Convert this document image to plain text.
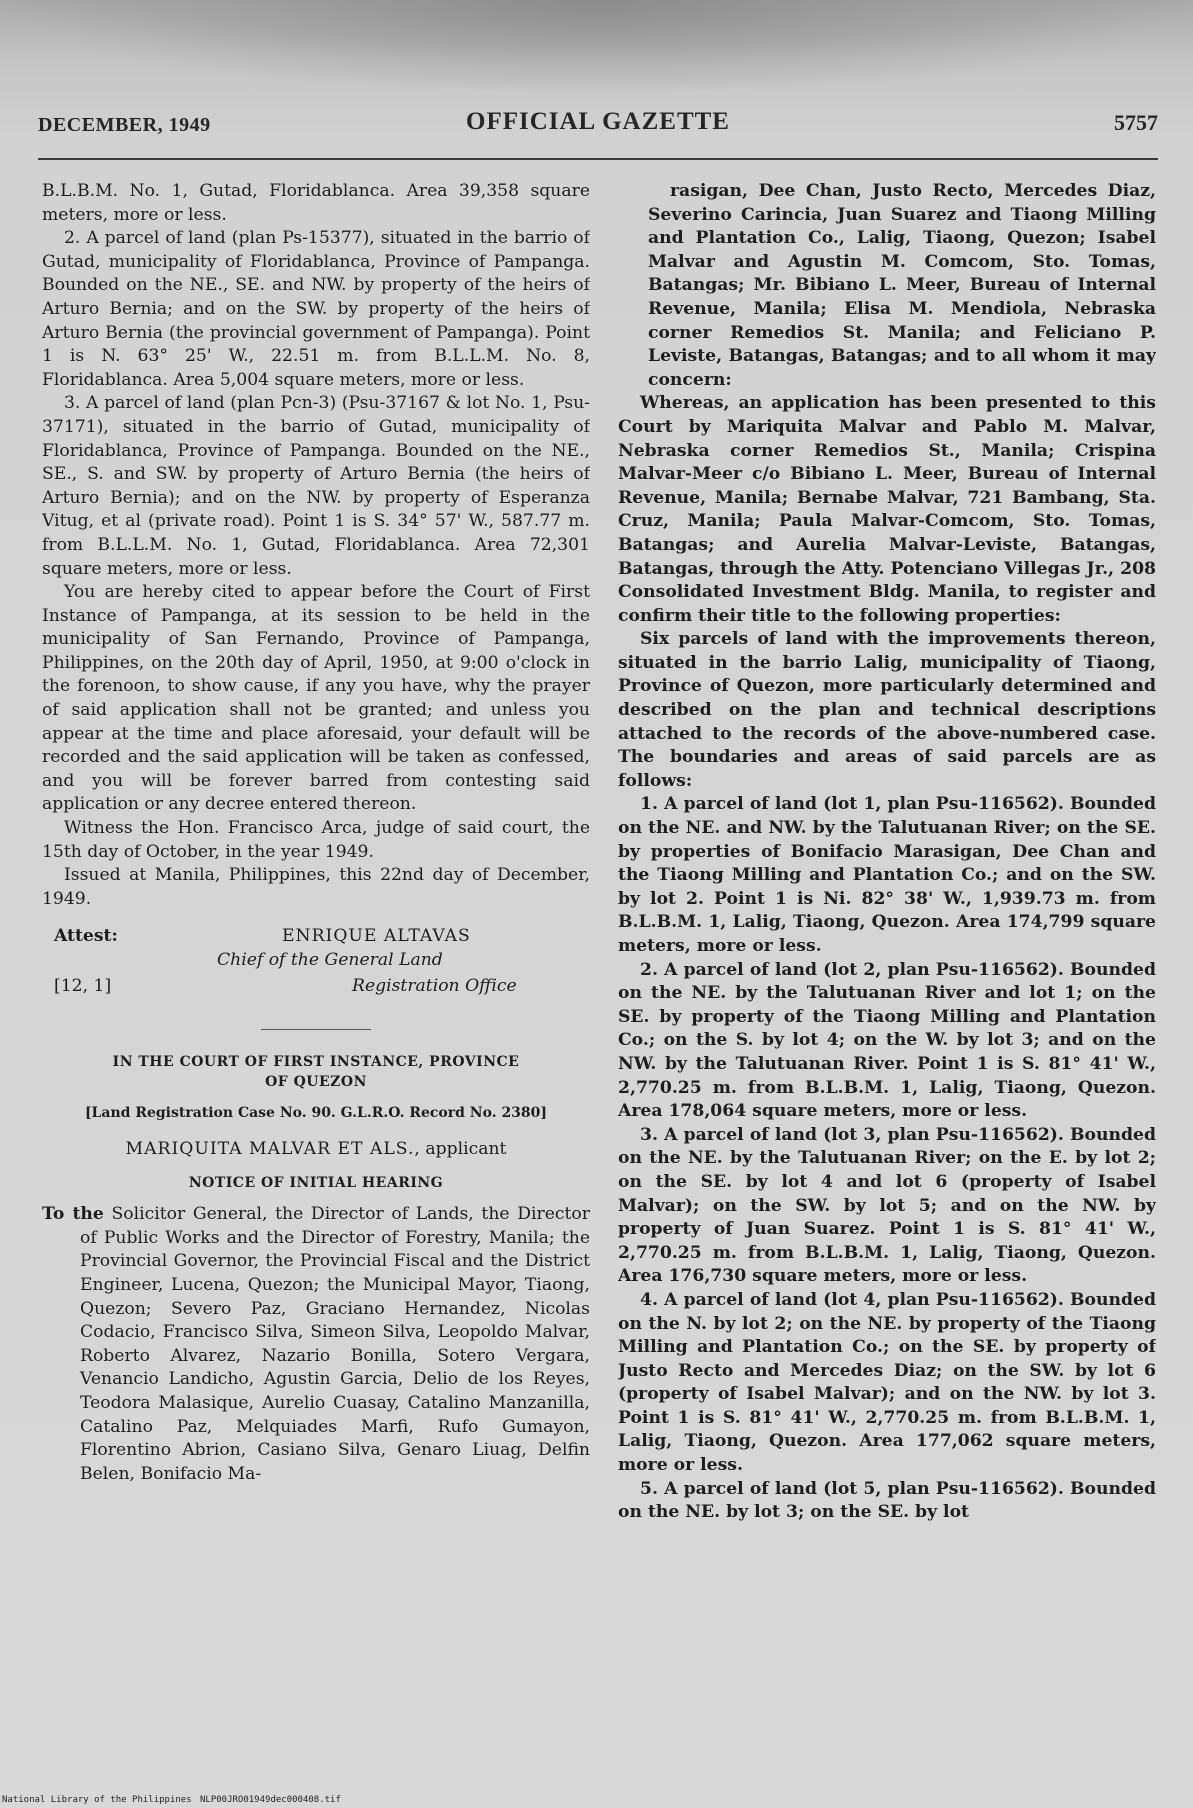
DECEMBER, 1949	OFFICIAL GAZETTE	5757

B.L.B.M. No. 1, Gutad, Floridablanca. Area 39,358 square meters, more or less.

2. A parcel of land (plan Ps-15377), situated in the barrio of Gutad, municipality of Floridablanca, Province of Pampanga. Bounded on the NE., SE. and NW. by property of the heirs of Arturo Bernia; and on the SW. by property of the heirs of Arturo Bernia (the provincial government of Pampanga). Point 1 is N. 63° 25' W., 22.51 m. from B.L.L.M. No. 8, Floridablanca. Area 5,004 square meters, more or less.

3. A parcel of land (plan Pcn-3) (Psu-37167 & lot No. 1, Psu-37171), situated in the barrio of Gutad, municipality of Floridablanca, Province of Pampanga. Bounded on the NE., SE., S. and SW. by property of Arturo Bernia (the heirs of Arturo Bernia); and on the NW. by property of Esperanza Vitug, et al (private road). Point 1 is S. 34° 57' W., 587.77 m. from B.L.L.M. No. 1, Gutad, Floridablanca. Area 72,301 square meters, more or less.

You are hereby cited to appear before the Court of First Instance of Pampanga, at its session to be held in the municipality of San Fernando, Province of Pampanga, Philippines, on the 20th day of April, 1950, at 9:00 o'clock in the forenoon, to show cause, if any you have, why the prayer of said application shall not be granted; and unless you appear at the time and place aforesaid, your default will be recorded and the said application will be taken as confessed, and you will be forever barred from contesting said application or any decree entered thereon.

Witness the Hon. Francisco Arca, judge of said court, the 15th day of October, in the year 1949.

Issued at Manila, Philippines, this 22nd day of December, 1949.

Attest:	ENRIQUE ALTAVAS
Chief of the General Land
[12, 1]	Registration Office
IN THE COURT OF FIRST INSTANCE, PROVINCE
OF QUEZON
[Land Registration Case No. 90. G.L.R.O. Record No. 2380]
MARIQUITA MALVAR ET ALS., applicant
NOTICE OF INITIAL HEARING

To the Solicitor General, the Director of Lands, the Director of Public Works and the Director of Forestry, Manila; the Provincial Governor, the Provincial Fiscal and the District Engineer, Lucena, Quezon; the Municipal Mayor, Tiaong, Quezon; Severo Paz, Graciano Hernandez, Nicolas Codacio, Francisco Silva, Simeon Silva, Leopoldo Malvar, Roberto Alvarez, Nazario Bonilla, Sotero Vergara, Venancio Landicho, Agustin Garcia, Delio de los Reyes, Teodora Malasique, Aurelio Cuasay, Catalino Manzanilla, Catalino Paz, Melquiades Marfi, Rufo Gumayon, Florentino Abrion, Casiano Silva, Genaro Liuag, Delfin Belen, Bonifacio Ma-

rasigan, Dee Chan, Justo Recto, Mercedes Diaz, Severino Carincia, Juan Suarez and Tiaong Milling and Plantation Co., Lalig, Tiaong, Quezon; Isabel Malvar and Agustin M. Comcom, Sto. Tomas, Batangas; Mr. Bibiano L. Meer, Bureau of Internal Revenue, Manila; Elisa M. Mendiola, Nebraska corner Remedios St. Manila; and Feliciano P. Leviste, Batangas, Batangas; and to all whom it may concern:

Whereas, an application has been presented to this Court by Mariquita Malvar and Pablo M. Malvar, Nebraska corner Remedios St., Manila; Crispina Malvar-Meer c/o Bibiano L. Meer, Bureau of Internal Revenue, Manila; Bernabe Malvar, 721 Bambang, Sta. Cruz, Manila; Paula Malvar-Comcom, Sto. Tomas, Batangas; and Aurelia Malvar-Leviste, Batangas, Batangas, through the Atty. Potenciano Villegas Jr., 208 Consolidated Investment Bldg. Manila, to register and confirm their title to the following properties:

Six parcels of land with the improvements thereon, situated in the barrio Lalig, municipality of Tiaong, Province of Quezon, more particularly determined and described on the plan and technical descriptions attached to the records of the above-numbered case. The boundaries and areas of said parcels are as follows:

1. A parcel of land (lot 1, plan Psu-116562). Bounded on the NE. and NW. by the Talutuanan River; on the SE. by properties of Bonifacio Marasigan, Dee Chan and the Tiaong Milling and Plantation Co.; and on the SW. by lot 2. Point 1 is Ni. 82° 38' W., 1,939.73 m. from B.L.B.M. 1, Lalig, Tiaong, Quezon. Area 174,799 square meters, more or less.

2. A parcel of land (lot 2, plan Psu-116562). Bounded on the NE. by the Talutuanan River and lot 1; on the SE. by property of the Tiaong Milling and Plantation Co.; on the S. by lot 4; on the W. by lot 3; and on the NW. by the Talutuanan River. Point 1 is S. 81° 41' W., 2,770.25 m. from B.L.B.M. 1, Lalig, Tiaong, Quezon. Area 178,064 square meters, more or less.

3. A parcel of land (lot 3, plan Psu-116562). Bounded on the NE. by the Talutuanan River; on the E. by lot 2; on the SE. by lot 4 and lot 6 (property of Isabel Malvar); on the SW. by lot 5; and on the NW. by property of Juan Suarez. Point 1 is S. 81° 41' W., 2,770.25 m. from B.L.B.M. 1, Lalig, Tiaong, Quezon. Area 176,730 square meters, more or less.

4. A parcel of land (lot 4, plan Psu-116562). Bounded on the N. by lot 2; on the NE. by property of the Tiaong Milling and Plantation Co.; on the SE. by property of Justo Recto and Mercedes Diaz; on the SW. by lot 6 (property of Isabel Malvar); and on the NW. by lot 3. Point 1 is S. 81° 41' W., 2,770.25 m. from B.L.B.M. 1, Lalig, Tiaong, Quezon. Area 177,062 square meters, more or less.

5. A parcel of land (lot 5, plan Psu-116562). Bounded on the NE. by lot 3; on the SE. by lot

National Library of the Philippines NLP00JRO01949dec000408.tif
